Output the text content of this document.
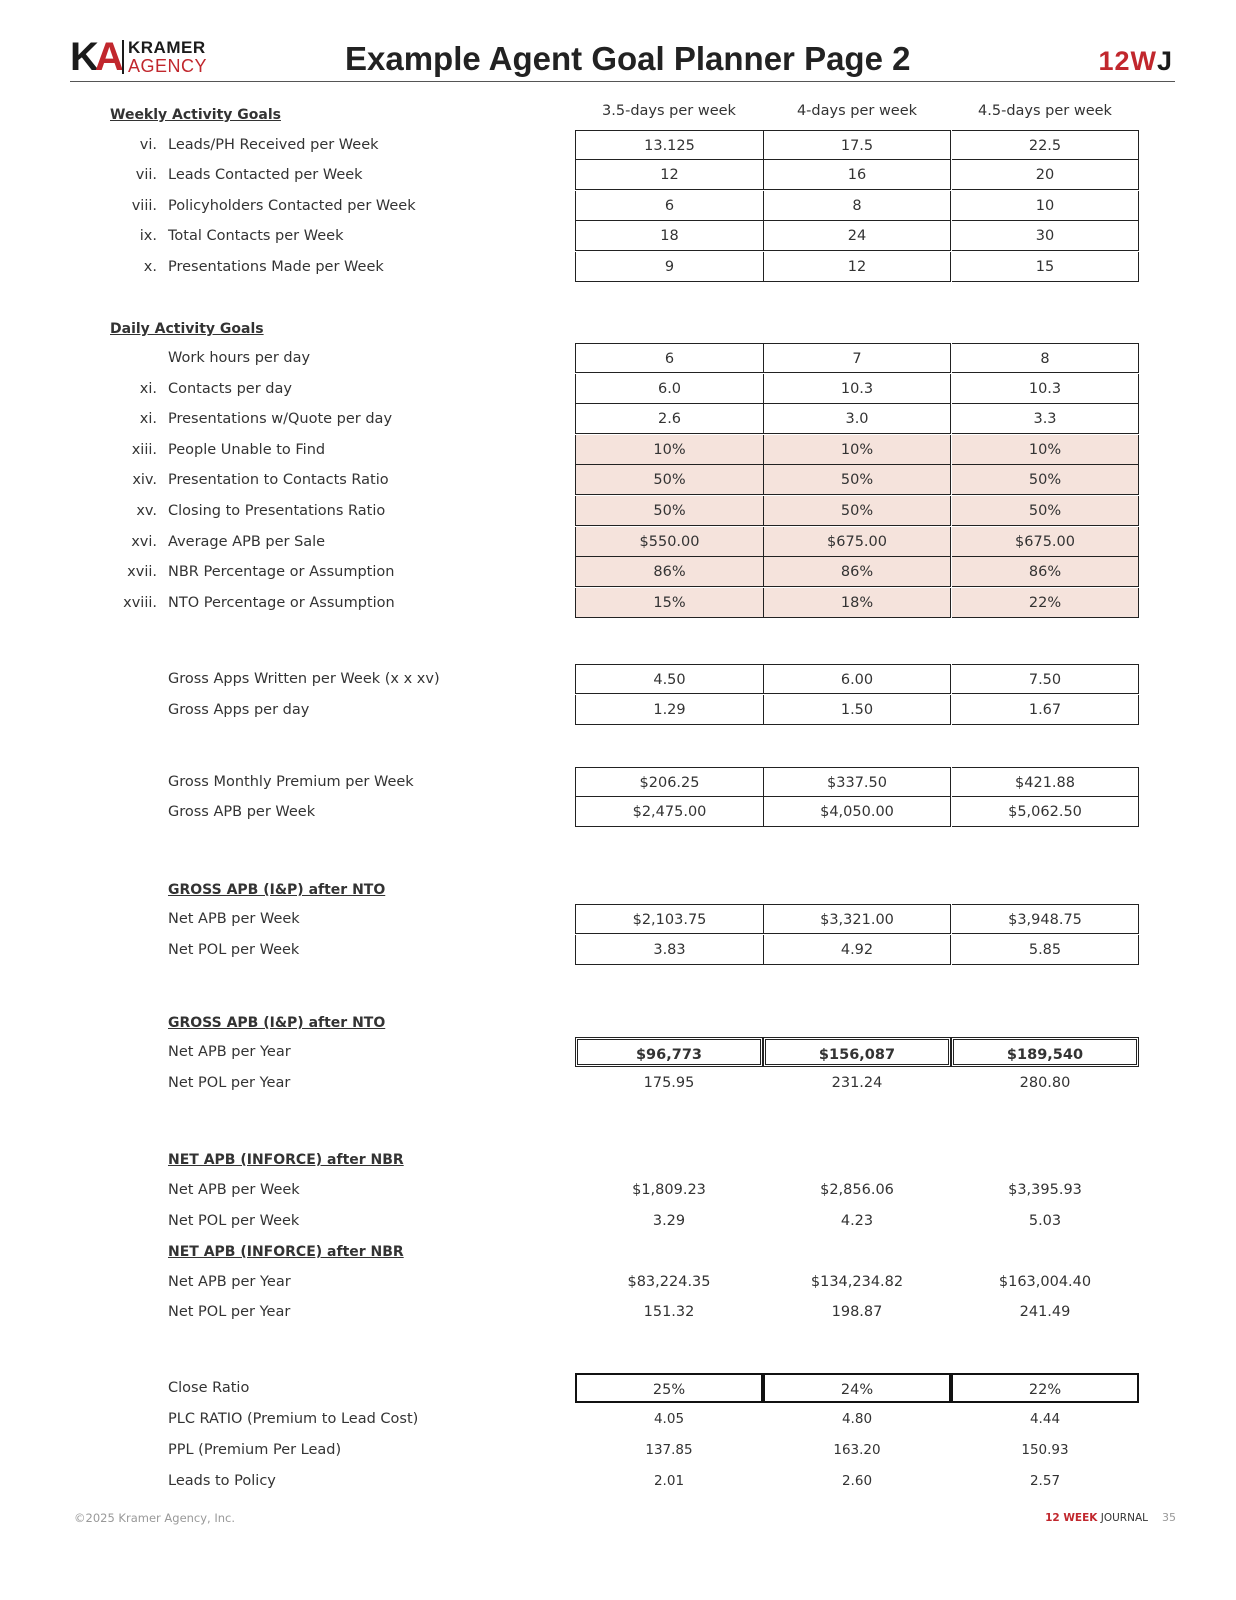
KA KRAMER
AGENCY	Example Agent Goal Planner Page 2	12WJ
3.5-days per week	4-days per week	4.5-days per week
Weekly Activity Goals
vi. Leads/PH Received per Week	13.125	17.5	22.5
vii. Leads Contacted per Week	12	16	20
viii. Policyholders Contacted per Week	6	8	10
ix. Total Contacts per Week	18	24	30
x. Presentations Made per Week	9	12	15
Daily Activity Goals
Work hours per day	6	7	8
xi. Contacts per day	6.0	10.3	10.3
xi. Presentations w/Quote per day	2.6	3.0	3.3
xiii. People Unable to Find	10%	10%	10%
xiv. Presentation to Contacts Ratio	50%	50%	50%
xv. Closing to Presentations Ratio	50%	50%	50%
xvi. Average APB per Sale	$550.00	$675.00	$675.00
xvii. NBR Percentage or Assumption	86%	86%	86%
xviii. NTO Percentage or Assumption	15%	18%	22%
Gross Apps Written per Week (x x xv)	4.50	6.00	7.50
Gross Apps per day	1.29	1.50	1.67
Gross Monthly Premium per Week	$206.25	$337.50	$421.88
Gross APB per Week	$2,475.00	$4,050.00	$5,062.50
GROSS APB (I&P) after NTO
Net APB per Week	$2,103.75	$3,321.00	$3,948.75
Net POL per Week	3.83	4.92	5.85
GROSS APB (I&P) after NTO
Net APB per Year	$96,773	$156,087	$189,540
Net POL per Year	175.95	231.24	280.80
NET APB (INFORCE) after NBR
Net APB per Week	$1,809.23	$2,856.06	$3,395.93
Net POL per Week	3.29	4.23	5.03
NET APB (INFORCE) after NBR
Net APB per Year	$83,224.35	$134,234.82	$163,004.40
Net POL per Year	151.32	198.87	241.49
Close Ratio	25%	24%	22%
PLC RATIO (Premium to Lead Cost)	4.05	4.80	4.44
PPL (Premium Per Lead)	137.85	163.20	150.93
Leads to Policy	2.01	2.60	2.57
©2025 Kramer Agency, Inc.	12 WEEK JOURNAL 35
